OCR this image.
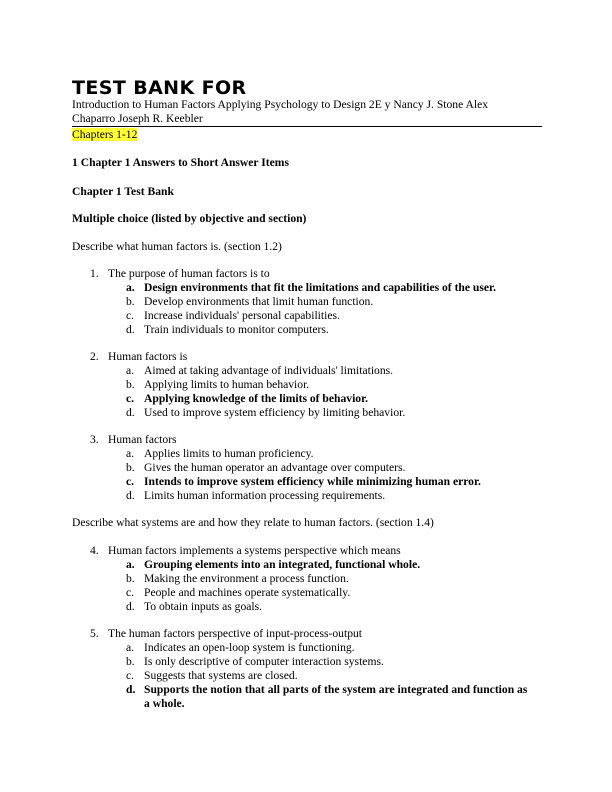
TEST BANK FOR

Introduction to Human Factors Applying Psychology to Design 2E y Nancy J. Stone Alex Chaparro Joseph R. Keebler

Chapters 1-12

1 Chapter 1 Answers to Short Answer Items

Chapter 1 Test Bank

Multiple choice (listed by objective and section)

Describe what human factors is. (section 1.2)

1. The purpose of human factors is to
a. Design environments that fit the limitations and capabilities of the user.
b. Develop environments that limit human function.
c. Increase individuals' personal capabilities.
d. Train individuals to monitor computers.
2. Human factors is
a. Aimed at taking advantage of individuals' limitations.
b. Applying limits to human behavior.
c. Applying knowledge of the limits of behavior.
d. Used to improve system efficiency by limiting behavior.
3. Human factors
a. Applies limits to human proficiency.
b. Gives the human operator an advantage over computers.
c. Intends to improve system efficiency while minimizing human error.
d. Limits human information processing requirements.

Describe what systems are and how they relate to human factors. (section 1.4)

4. Human factors implements a systems perspective which means
a. Grouping elements into an integrated, functional whole.
b. Making the environment a process function.
c. People and machines operate systematically.
d. To obtain inputs as goals.
5. The human factors perspective of input-process-output
a. Indicates an open-loop system is functioning.
b. Is only descriptive of computer interaction systems.
c. Suggests that systems are closed.
d. Supports the notion that all parts of the system are integrated and function as a whole.
